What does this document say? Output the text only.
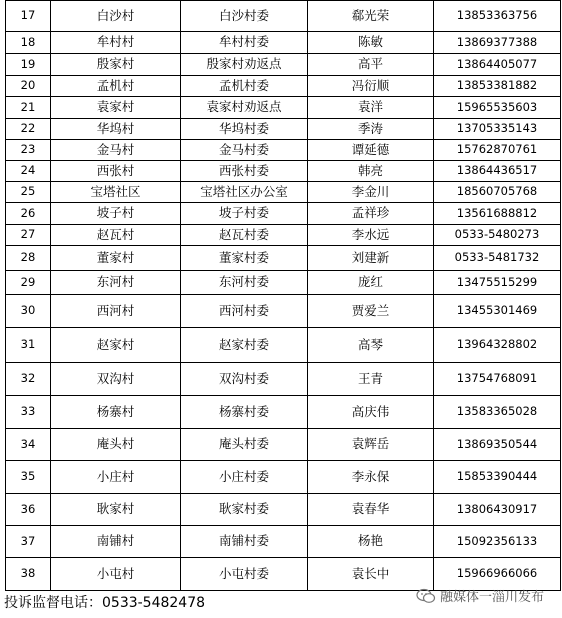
17	白沙村	白沙村委	郗光荣	13853363756
18	牟村村	牟村村委	陈敏	13869377388
19	殷家村	殷家村劝返点	高平	13864405077
20	孟机村	孟机村委	冯衍顺	13853381882
21	袁家村	袁家村劝返点	袁洋	15965535603
22	华坞村	华坞村委	季涛	13705335143
23	金马村	金马村委	谭延德	15762870761
24	西张村	西张村委	韩亮	13864436517
25	宝塔社区	宝塔社区办公室	李金川	18560705768
26	坡子村	坡子村委	孟祥珍	13561688812
27	赵瓦村	赵瓦村委	李水远	0533-5480273
28	董家村	董家村委	刘建新	0533-5481732
29	东河村	东河村委	庞红	13475515299
30	西河村	西河村委	贾爱兰	13455301469
31	赵家村	赵家村委	高琴	13964328802
32	双沟村	双沟村委	王青	13754768091
33	杨寨村	杨寨村委	高庆伟	13583365028
34	庵头村	庵头村委	袁辉岳	13869350544
35	小庄村	小庄村委	李永保	15853390444
36	耿家村	耿家村委	袁春华	13806430917
37	南铺村	南铺村委	杨艳	15092356133
38	小屯村	小屯村委	袁长中	15966966066
投诉监督电话：0533-5482478	融媒体一淄川发布
